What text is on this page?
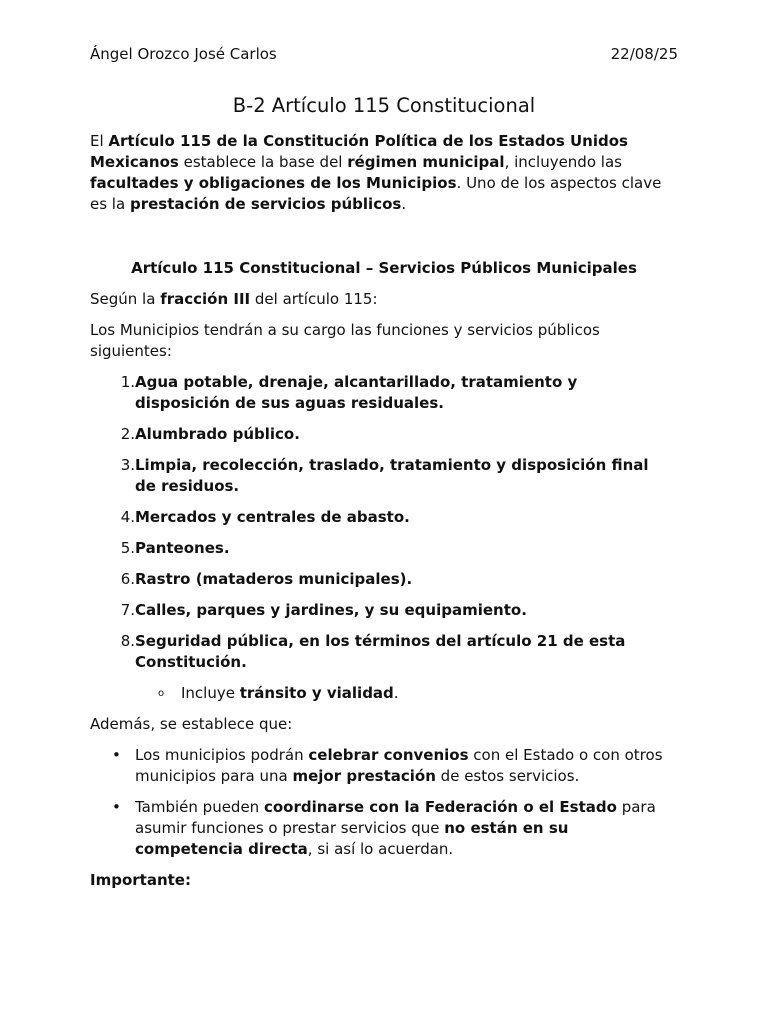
Ángel Orozco José Carlos	22/08/25
B-2 Artículo 115 Constitucional

El Artículo 115 de la Constitución Política de los Estados Unidos Mexicanos establece la base del régimen municipal, incluyendo las facultades y obligaciones de los Municipios. Uno de los aspectos clave es la prestación de servicios públicos.

Artículo 115 Constitucional – Servicios Públicos Municipales

Según la fracción III del artículo 115:

Los Municipios tendrán a su cargo las funciones y servicios públicos siguientes:

1. Agua potable, drenaje, alcantarillado, tratamiento y disposición de sus aguas residuales.
2. Alumbrado público.
3. Limpia, recolección, traslado, tratamiento y disposición final de residuos.
4. Mercados y centrales de abasto.
5. Panteones.
6. Rastro (mataderos municipales).
7. Calles, parques y jardines, y su equipamiento.
8. Seguridad pública, en los términos del artículo 21 de esta Constitución.
o	Incluye tránsito y vialidad.

Además, se establece que:

• Los municipios podrán celebrar convenios con el Estado o con otros municipios para una mejor prestación de estos servicios.
• También pueden coordinarse con la Federación o el Estado para asumir funciones o prestar servicios que no están en su competencia directa, si así lo acuerdan.

Importante:
